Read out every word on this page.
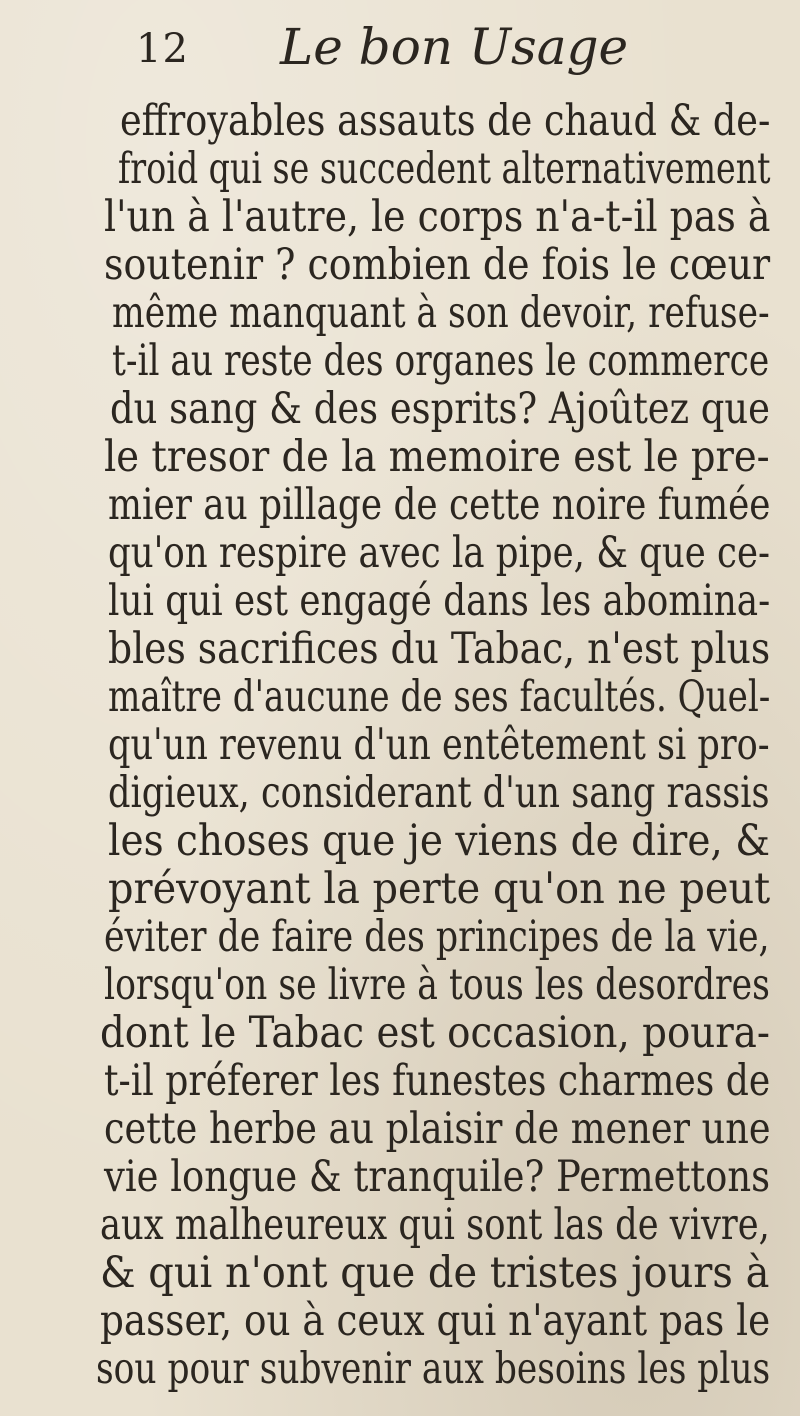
12 Le bon Usage
effroyables assauts de chaud & de-
froid qui se succedent alternativement
l'un à l'autre, le corps n'a-t-il pas à
soutenir ? combien de fois le cœur
même manquant à son devoir, refuse-
t-il au reste des organes le commerce
du sang & des esprits? Ajoûtez que
le tresor de la memoire est le pre-
mier au pillage de cette noire fumée
qu'on respire avec la pipe, & que ce-
lui qui est engagé dans les abomina-
bles sacrifices du Tabac, n'est plus
maître d'aucune de ses facultés. Quel-
qu'un revenu d'un entêtement si pro-
digieux, considerant d'un sang rassis
les choses que je viens de dire, &
prévoyant la perte qu'on ne peut
éviter de faire des principes de la vie,
lorsqu'on se livre à tous les desordres
dont le Tabac est occasion, poura-
t-il préferer les funestes charmes de
cette herbe au plaisir de mener une
vie longue & tranquile? Permettons
aux malheureux qui sont las de vivre,
& qui n'ont que de tristes jours à
passer, ou à ceux qui n'ayant pas le
sou pour subvenir aux besoins les plus
